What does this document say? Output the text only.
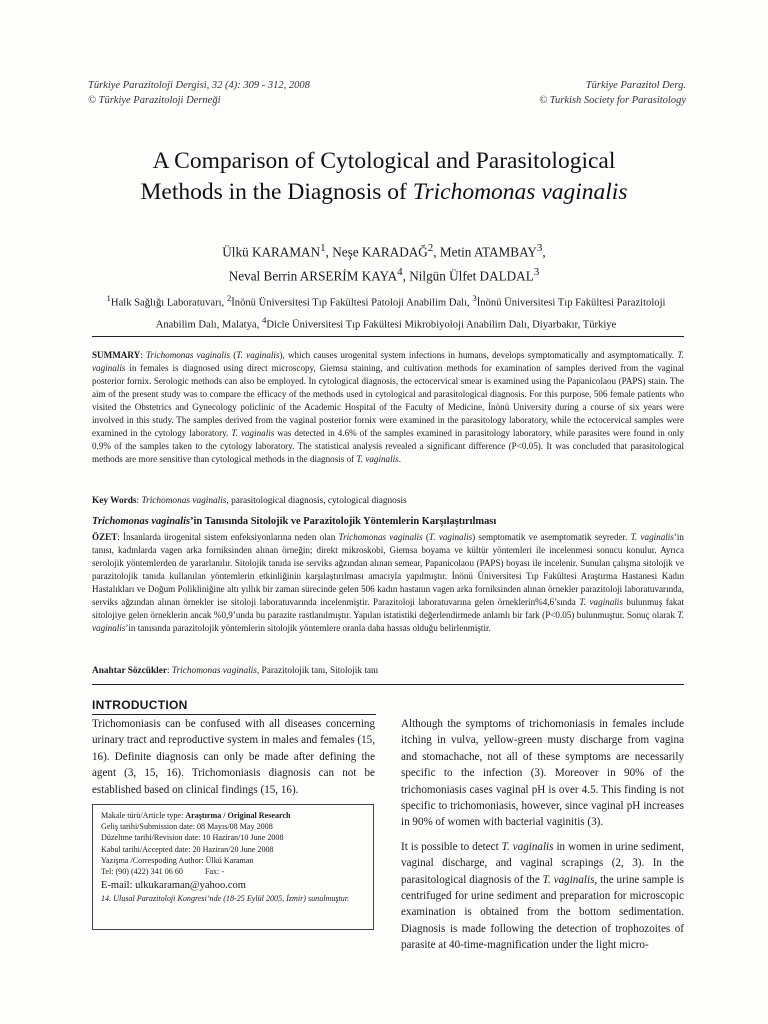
Türkiye Parazitoloji Dergisi, 32 (4): 309 - 312, 2008
© Türkiye Parazitoloji Derneği
Türkiye Parazitol Derg.
© Turkish Society for Parasitology
A Comparison of Cytological and Parasitological
Methods in the Diagnosis of Trichomonas vaginalis
Ülkü KARAMAN$^1$, Neşe KARADAĞ$^2$, Metin ATAMBAY$^3$,
Neval Berrin ARSERİM KAYA$^4$, Nilgün Ülfet DALDAL$^3$
$^1$Halk Sağlığı Laboratuvarı, $^2$İnönü Üniversitesi Tıp Fakültesi Patoloji Anabilim Dalı, $^3$İnönü Üniversitesi Tıp Fakültesi Parazitoloji Anabilim Dalı, Malatya, $^4$Dicle Üniversitesi Tıp Fakültesi Mikrobiyoloji Anabilim Dalı, Diyarbakır, Türkiye

SUMMARY: Trichomonas vaginalis (T. vaginalis), which causes urogenital system infections in humans, develops symptomatically and asymptomatically. T. vaginalis in females is diagnosed using direct microscopy, Giemsa staining, and cultivation methods for examination of samples derived from the vaginal posterior fornix. Serologic methods can also be employed. In cytological diagnosis, the ectocervical smear is examined using the Papanicolaou (PAPS) stain. The aim of the present study was to compare the efficacy of the methods used in cytological and parasitological diagnosis. For this purpose, 506 female patients who visited the Obstetrics and Gynecology policlinic of the Academic Hospital of the Faculty of Medicine, İnönü University during a course of six years were involved in this study. The samples derived from the vaginal posterior fornix were examined in the parasitology laboratory, while the ectocervical samples were examined in the cytology laboratory. T. vaginalis was detected in 4.6% of the samples examined in parasitology laboratory, while parasites were found in only 0.9% of the samples taken to the cytology laboratory. The statistical analysis revealed a significant difference (P<0.05). It was concluded that parasitological methods are more sensitive than cytological methods in the diagnosis of T. vaginalis.

Key Words: Trichomonas vaginalis, parasitological diagnosis, cytological diagnosis
Trichomonas vaginalis’in Tanısında Sitolojik ve Parazitolojik Yöntemlerin Karşılaştırılması

ÖZET: İnsanlarda ürogenital sistem enfeksiyonlarına neden olan Trichomonas vaginalis (T. vaginalis) semptomatik ve asemptomatik seyreder. T. vaginalis’in tanısı, kadınlarda vagen arka forniksinden alınan örneğin; direkt mikroskobi, Giemsa boyama ve kültür yöntemleri ile incelenmesi sonucu konulur. Ayrıca serolojik yöntemlerden de yararlanılır. Sitolojik tanıda ise serviks ağzından alınan semear, Papanicolaou (PAPS) boyası ile incelenir. Sunulan çalışma sitolojik ve parazitolojik tanıda kullanılan yöntemlerin etkinliğinin karşılaştırılması amacıyla yapılmıştır. İnönü Üniversitesi Tıp Fakültesi Araştırma Hastanesi Kadın Hastalıkları ve Doğum Polikliniğine altı yıllık bir zaman sürecinde gelen 506 kadın hastanın vagen arka forniksinden alınan örnekler parazitoloji laboratuvarında, serviks ağzından alınan örnekler ise sitoloji laboratuvarında incelenmiştir. Parazitoloji laboratuvarına gelen örneklerin%4,6’sında T. vaginalis bulunmuş fakat sitolojiye gelen örneklerin ancak %0,9’unda bu parazite rastlanılmıştır. Yapılan istatistiki değerlendirmede anlamlı bir fark (P<0.05) bulunmuştur. Sonuç olarak T. vaginalis’in tanısında parazitolojik yöntemlerin sitolojik yöntemlere oranla daha hassas olduğu belirlenmiştir.

Anahtar Sözcükler: Trichomonas vaginalis, Parazitolojik tanı, Sitolojik tanı
INTRODUCTION

Trichomoniasis can be confused with all diseases concerning urinary tract and reproductive system in males and females (15, 16). Definite diagnosis can only be made after defining the agent (3, 15, 16). Trichomoniasis diagnosis can not be established based on clinical findings (15, 16).

Makale türü/Article type: Araştırma / Original Research
Geliş tarihi/Submission date: 08 Mayıs/08 May 2008
Düzeltme tarihi/Revision date: 10 Haziran/10 June 2008
Kabul tarihi/Accepted date: 20 Haziran/20 June 2008
Yazışma /Correspoding Author: Ülkü Karaman
Tel: (90) (422) 341 06 60	Fax: -
E-mail: ulkukaraman@yahoo.com
14. Ulusal Parazitoloji Kongresi’nde (18-25 Eylül 2005, İzmir) sunulmuştur.

Although the symptoms of trichomoniasis in females include itching in vulva, yellow-green musty discharge from vagina and stomachache, not all of these symptoms are necessarily specific to the infection (3). Moreover in 90% of the trichomoniasis cases vaginal pH is over 4.5. This finding is not specific to trichomoniasis, however, since vaginal pH increases in 90% of women with bacterial vaginitis (3).

It is possible to detect T. vaginalis in women in urine sediment, vaginal discharge, and vaginal scrapings (2, 3). In the parasitological diagnosis of the T. vaginalis, the urine sample is centrifuged for urine sediment and preparation for microscopic examination is obtained from the bottom sedimentation. Diagnosis is made following the detection of trophozoites of parasite at 40-time-magnification under the light micro-
